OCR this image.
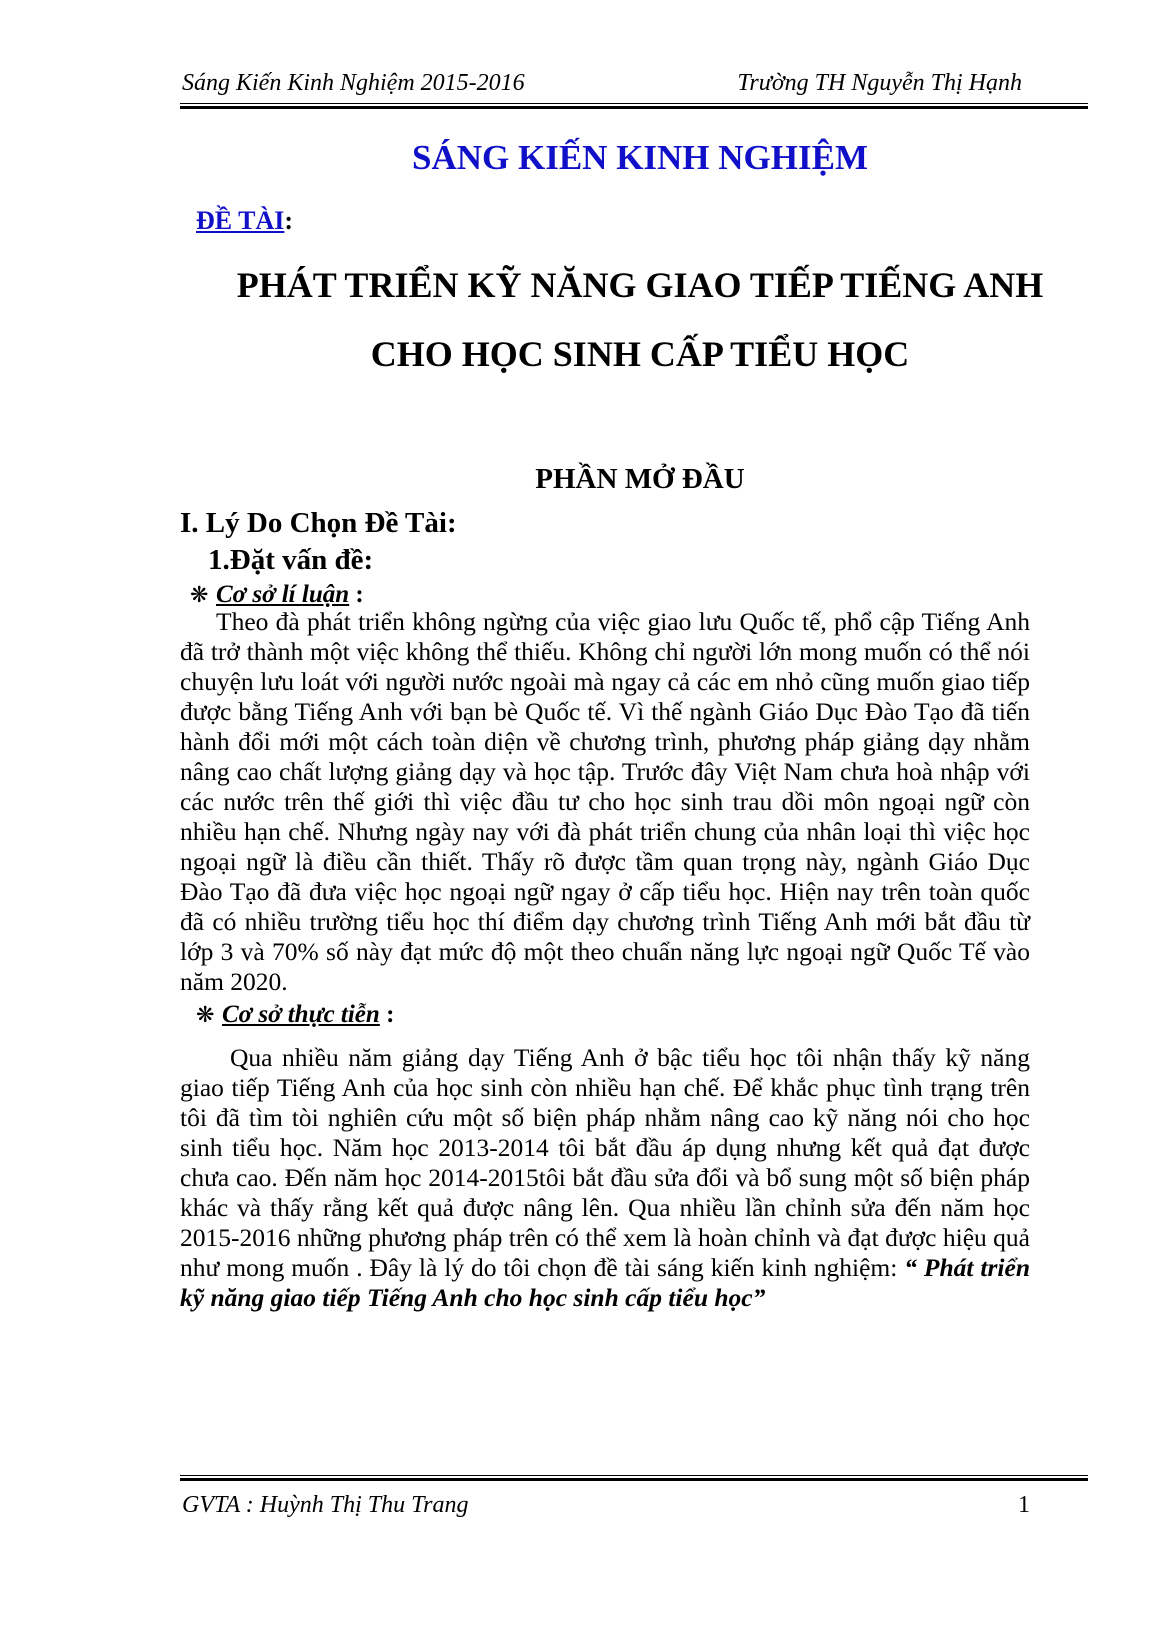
Sáng Kiến Kinh Nghiệm 2015-2016	Trường TH Nguyễn Thị Hạnh
SÁNG KIẾN KINH NGHIỆM
ĐỀ TÀI:
PHÁT TRIỂN KỸ NĂNG GIAO TIẾP TIẾNG ANH
CHO HỌC SINH CẤP TIỂU HỌC
PHẦN MỞ ĐẦU
I. Lý Do Chọn Đề Tài:
1.Đặt vấn đề:
❋ Cơ sở lí luận :

Theo đà phát triển không ngừng của việc giao lưu Quốc tế, phổ cập Tiếng Anh đã trở thành một việc không thể thiếu. Không chỉ người lớn mong muốn có thể nói chuyện lưu loát với người nước ngoài mà ngay cả các em nhỏ cũng muốn giao tiếp được bằng Tiếng Anh với bạn bè Quốc tế. Vì thế ngành Giáo Dục Đào Tạo đã tiến hành đổi mới một cách toàn diện về chương trình, phương pháp giảng dạy nhằm nâng cao chất lượng giảng dạy và học tập. Trước đây Việt Nam chưa hoà nhập với các nước trên thế giới thì việc đầu tư cho học sinh trau dồi môn ngoại ngữ còn nhiều hạn chế. Nhưng ngày nay với đà phát triển chung của nhân loại thì việc học ngoại ngữ là điều cần thiết. Thấy rõ được tầm quan trọng này, ngành Giáo Dục Đào Tạo đã đưa việc học ngoại ngữ ngay ở cấp tiểu học. Hiện nay trên toàn quốc đã có nhiều trường tiểu học thí điểm dạy chương trình Tiếng Anh mới bắt đầu từ lớp 3 và 70% số này đạt mức độ một theo chuẩn năng lực ngoại ngữ Quốc Tế vào năm 2020.

❋ Cơ sở thực tiễn :

Qua nhiều năm giảng dạy Tiếng Anh ở bậc tiểu học tôi nhận thấy kỹ năng giao tiếp Tiếng Anh của học sinh còn nhiều hạn chế. Để khắc phục tình trạng trên tôi đã tìm tòi nghiên cứu một số biện pháp nhằm nâng cao kỹ năng nói cho học sinh tiểu học. Năm học 2013-2014 tôi bắt đầu áp dụng nhưng kết quả đạt được chưa cao. Đến năm học 2014-2015tôi bắt đầu sửa đổi và bổ sung một số biện pháp khác và thấy rằng kết quả được nâng lên. Qua nhiều lần chỉnh sửa đến năm học 2015-2016 những phương pháp trên có thể xem là hoàn chỉnh và đạt được hiệu quả như mong muốn . Đây là lý do tôi chọn đề tài sáng kiến kinh nghiệm: “ Phát triển kỹ năng giao tiếp Tiếng Anh cho học sinh cấp tiểu học”

GVTA : Huỳnh Thị Thu Trang	1
